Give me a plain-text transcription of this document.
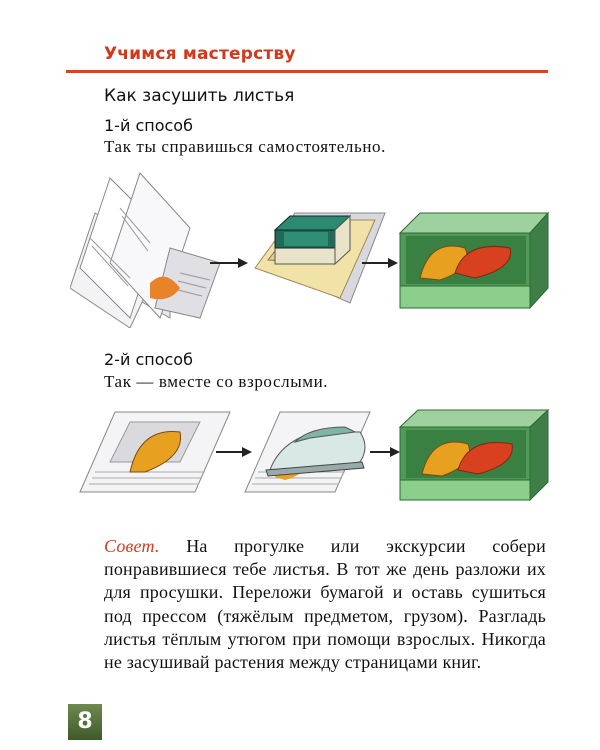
Учимся мастерству
Как засушить листья
1-й способ
Так ты справишься самостоятельно.
2-й способ
Так — вместе со взрослыми.
Совет. На прогулке или экскурсии собери понравившиеся тебе листья. В тот же день разложи их для просушки. Переложи бумагой и оставь сушиться под прессом (тяжёлым предметом, грузом). Разгладь листья тёплым утюгом при помощи взрослых. Никогда не засушивай растения между страницами книг.
8
